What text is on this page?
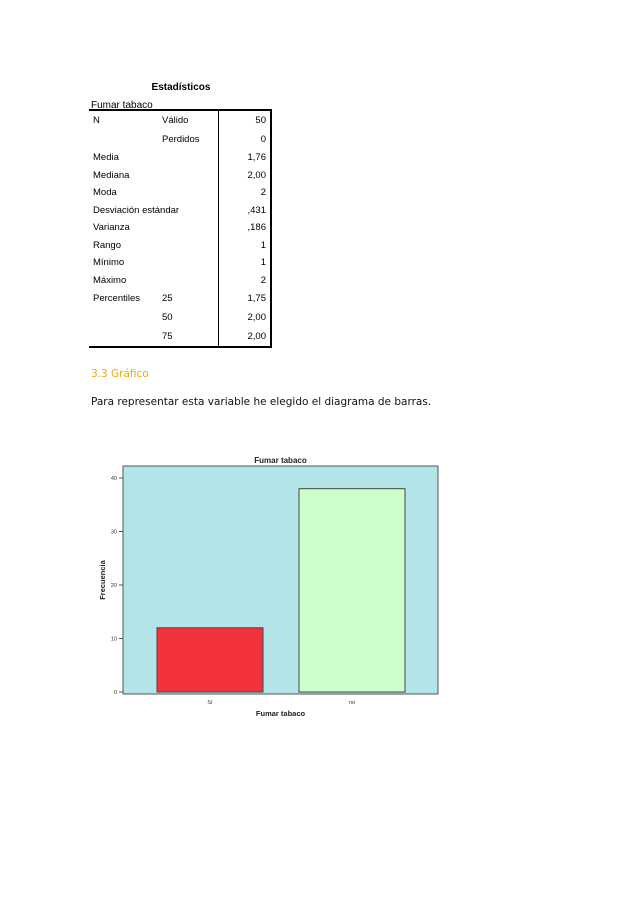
Estadísticos
Fumar tabaco
N	Válido	50
	Perdidos	0
Media		1,76
Mediana		2,00
Moda		2
Desviación estándar		,431
Varianza		,186
Rango		1
Mínimo		1
Máximo		2
Percentiles	25	1,75
	50	2,00
	75	2,00
3.3 Gráfico
Para representar esta variable he elegido el diagrama de barras.
Fumar tabaco
0
10
20
30
40
Frecuencia
Sí	no
Fumar tabaco
